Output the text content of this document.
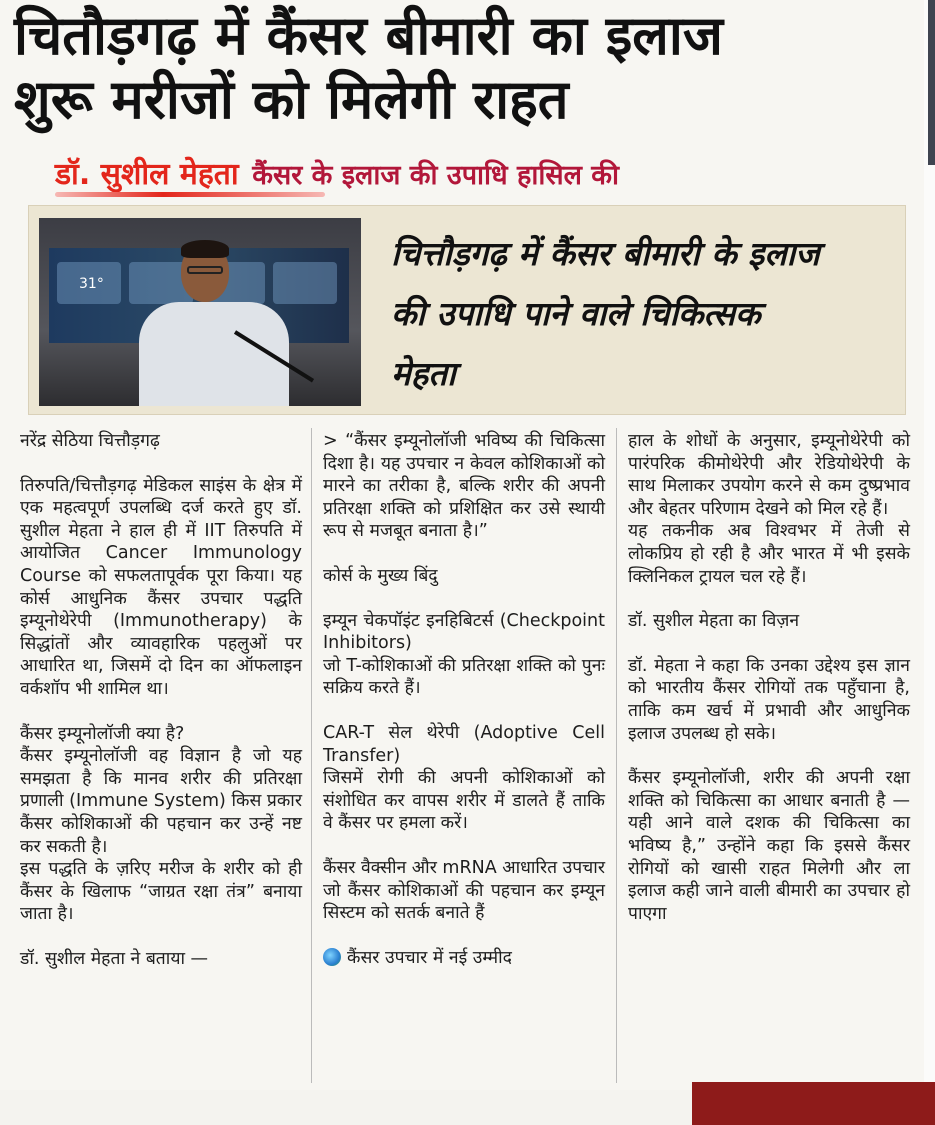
चितौड़गढ़ में कैंसर बीमारी का इलाज
शुरू मरीजों को मिलेगी राहत
डॉ. सुशील मेहता कैंसर के इलाज की उपाधि हासिल की
31°
चित्तौड़गढ़ में कैंसर बीमारी के इलाज
की उपाधि पाने वाले चिकित्सक
मेहता

नरेंद्र सेठिया चित्तौड़गढ़

तिरुपति/चित्तौड़गढ़ मेडिकल साइंस के क्षेत्र में एक महत्वपूर्ण उपलब्धि दर्ज करते हुए डॉ. सुशील मेहता ने हाल ही में IIT तिरुपति में आयोजित Cancer Immunology Course को सफलतापूर्वक पूरा किया। यह कोर्स आधुनिक कैंसर उपचार पद्धति इम्यूनोथेरेपी (Immunotherapy) के सिद्धांतों और व्यावहारिक पहलुओं पर आधारित था, जिसमें दो दिन का ऑफलाइन वर्कशॉप भी शामिल था।

कैंसर इम्यूनोलॉजी क्या है?

कैंसर इम्यूनोलॉजी वह विज्ञान है जो यह समझता है कि मानव शरीर की प्रतिरक्षा प्रणाली (Immune System) किस प्रकार कैंसर कोशिकाओं की पहचान कर उन्हें नष्ट कर सकती है।

इस पद्धति के ज़रिए मरीज के शरीर को ही कैंसर के खिलाफ “जाग्रत रक्षा तंत्र” बनाया जाता है।

डॉ. सुशील मेहता ने बताया —

> “कैंसर इम्यूनोलॉजी भविष्य की चिकित्सा दिशा है। यह उपचार न केवल कोशिकाओं को मारने का तरीका है, बल्कि शरीर की अपनी प्रतिरक्षा शक्ति को प्रशिक्षित कर उसे स्थायी रूप से मजबूत बनाता है।”

कोर्स के मुख्य बिंदु

इम्यून चेकपॉइंट इनहिबिटर्स (Checkpoint Inhibitors)

जो T-कोशिकाओं की प्रतिरक्षा शक्ति को पुनः सक्रिय करते हैं।

CAR-T सेल थेरेपी (Adoptive Cell Transfer)

जिसमें रोगी की अपनी कोशिकाओं को संशोधित कर वापस शरीर में डालते हैं ताकि वे कैंसर पर हमला करें।

कैंसर वैक्सीन और mRNA आधारित उपचार

जो कैंसर कोशिकाओं की पहचान कर इम्यून सिस्टम को सतर्क बनाते हैं

कैंसर उपचार में नई उम्मीद

हाल के शोधों के अनुसार, इम्यूनोथेरेपी को पारंपरिक कीमोथेरेपी और रेडियोथेरेपी के साथ मिलाकर उपयोग करने से कम दुष्प्रभाव और बेहतर परिणाम देखने को मिल रहे हैं।

यह तकनीक अब विश्वभर में तेजी से लोकप्रिय हो रही है और भारत में भी इसके क्लिनिकल ट्रायल चल रहे हैं।

डॉ. सुशील मेहता का विज़न

डॉ. मेहता ने कहा कि उनका उद्देश्य इस ज्ञान को भारतीय कैंसर रोगियों तक पहुँचाना है, ताकि कम खर्च में प्रभावी और आधुनिक इलाज उपलब्ध हो सके।

कैंसर इम्यूनोलॉजी, शरीर की अपनी रक्षा शक्ति को चिकित्सा का आधार बनाती है — यही आने वाले दशक की चिकित्सा का भविष्य है,” उन्होंने कहा कि इससे कैंसर रोगियों को खासी राहत मिलेगी और ला इलाज कही जाने वाली बीमारी का उपचार हो पाएगा
